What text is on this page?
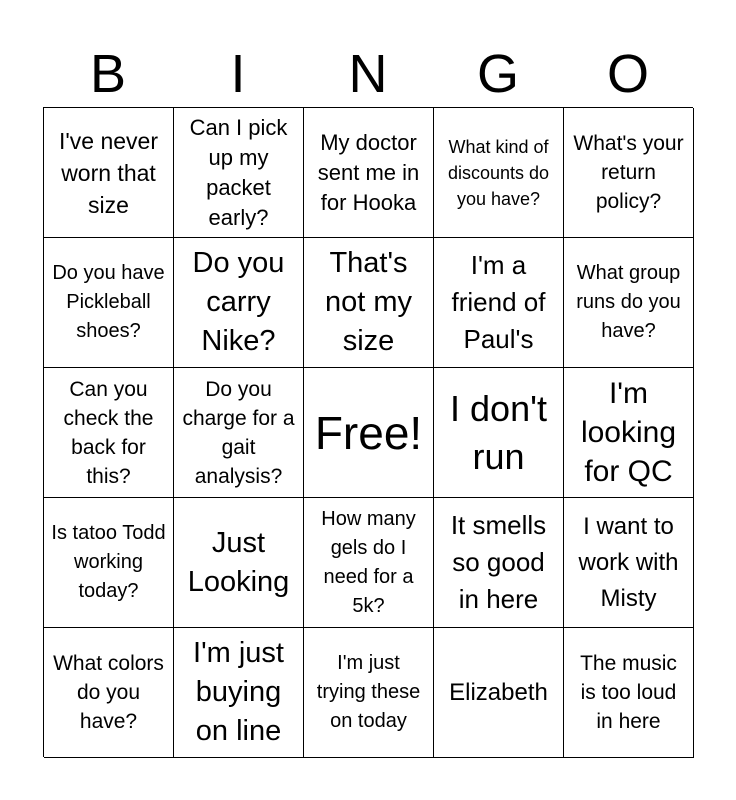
B	I	N	G	O
I've never worn that size
Can I pick up my packet early?
My doctor sent me in for Hooka
What kind of discounts do you have?
What's your return policy?
Do you have Pickleball shoes?
Do you carry Nike?
That's not my size
I'm a friend of Paul's
What group runs do you have?
Can you check the back for this?
Do you charge for a gait analysis?
Free! I don't run
I'm looking for QC
Is tatoo Todd working today?
Just Looking
How many gels do I need for a 5k?
It smells so good in here
I want to work with Misty
What colors do you have?
I'm just buying on line
I'm just trying these on today
Elizabeth
The music is too loud in here
